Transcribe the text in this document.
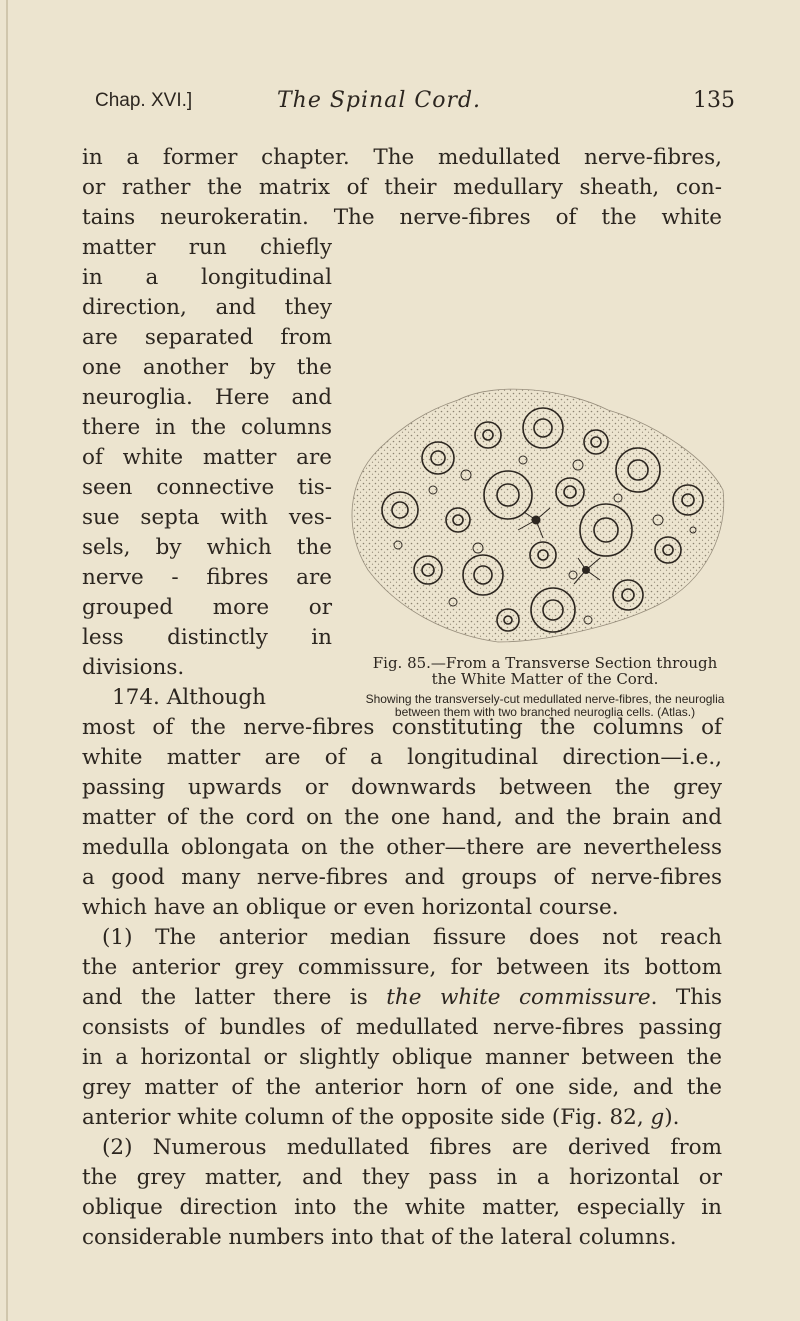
Chap. XVI.]	The Spinal Cord.	135
in a former chapter. The medullated nerve-fibres,
or rather the matrix of their medullary sheath, con-
tains neurokeratin. The nerve-fibres of the white
matter run chiefly
in a longitudinal
direction, and they
are separated from
one another by the
neuroglia. Here and
there in the columns
of white matter are
seen connective tis-
sue septa with ves-
sels, by which the
nerve - fibres are
grouped more or
less distinctly in
divisions.
174. Although
Fig. 85.—From a Transverse Section through the White Matter of the Cord.
Showing the transversely-cut medullated nerve-fibres, the neuroglia between them with two branched neuroglia cells. (Atlas.)
most of the nerve-fibres constituting the columns of
white matter are of a longitudinal direction—i.e.,
passing upwards or downwards between the grey
matter of the cord on the one hand, and the brain and
medulla oblongata on the other—there are nevertheless
a good many nerve-fibres and groups of nerve-fibres
which have an oblique or even horizontal course.
(1) The anterior median fissure does not reach
the anterior grey commissure, for between its bottom
and the latter there is the white commissure. This
consists of bundles of medullated nerve-fibres passing
in a horizontal or slightly oblique manner between the
grey matter of the anterior horn of one side, and the
anterior white column of the opposite side (Fig. 82, g).
(2) Numerous medullated fibres are derived from
the grey matter, and they pass in a horizontal or
oblique direction into the white matter, especially in
considerable numbers into that of the lateral columns.
